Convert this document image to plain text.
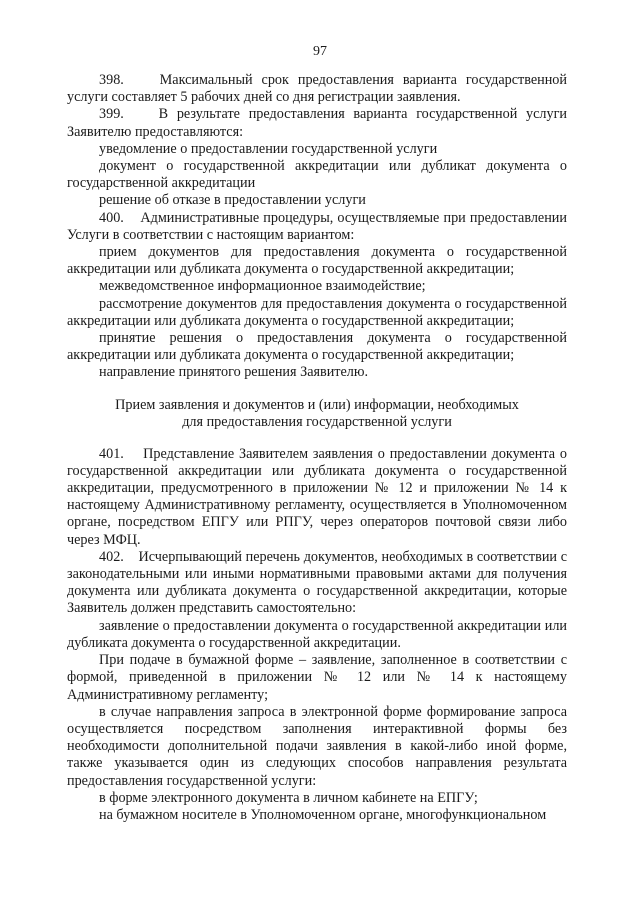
97

398.    Максимальный срок предоставления варианта государственной услуги составляет 5 рабочих дней со дня регистрации заявления.

399.    В результате предоставления варианта государственной услуги Заявителю предоставляются:

уведомление о предоставлении государственной услуги

документ о государственной аккредитации или дубликат документа о государственной аккредитации

решение об отказе в предоставлении услуги

400.    Административные процедуры, осуществляемые при предоставлении Услуги в соответствии с настоящим вариантом:

прием документов для предоставления документа о государственной аккредитации или дубликата документа о государственной аккредитации;

межведомственное информационное взаимодействие;

рассмотрение документов для предоставления документа о государственной аккредитации или дубликата документа о государственной аккредитации;

принятие решения о предоставления документа о государственной аккредитации или дубликата документа о государственной аккредитации;

направление принятого решения Заявителю.

Прием заявления и документов и (или) информации, необходимых
для предоставления государственной услуги

401.    Представление Заявителем заявления о предоставлении документа о государственной аккредитации или дубликата документа о государственной аккредитации, предусмотренного в приложении № 12 и приложении № 14 к настоящему Административному регламенту, осуществляется в Уполномоченном органе, посредством ЕПГУ или РПГУ, через операторов почтовой связи либо через МФЦ.

402.    Исчерпывающий перечень документов, необходимых в соответствии с законодательными или иными нормативными правовыми актами для получения документа или дубликата документа о государственной аккредитации, которые Заявитель должен представить самостоятельно:

заявление о предоставлении документа о государственной аккредитации или дубликата документа о государственной аккредитации.

При подаче в бумажной форме – заявление, заполненное в соответствии с формой, приведенной в приложении № 12 или № 14 к настоящему Административному регламенту;

в случае направления запроса в электронной форме формирование запроса осуществляется посредством заполнения интерактивной формы без необходимости дополнительной подачи заявления в какой-либо иной форме, также указывается один из следующих способов направления результата предоставления государственной услуги:

в форме электронного документа в личном кабинете на ЕПГУ;

на бумажном носителе в Уполномоченном органе, многофункциональном
